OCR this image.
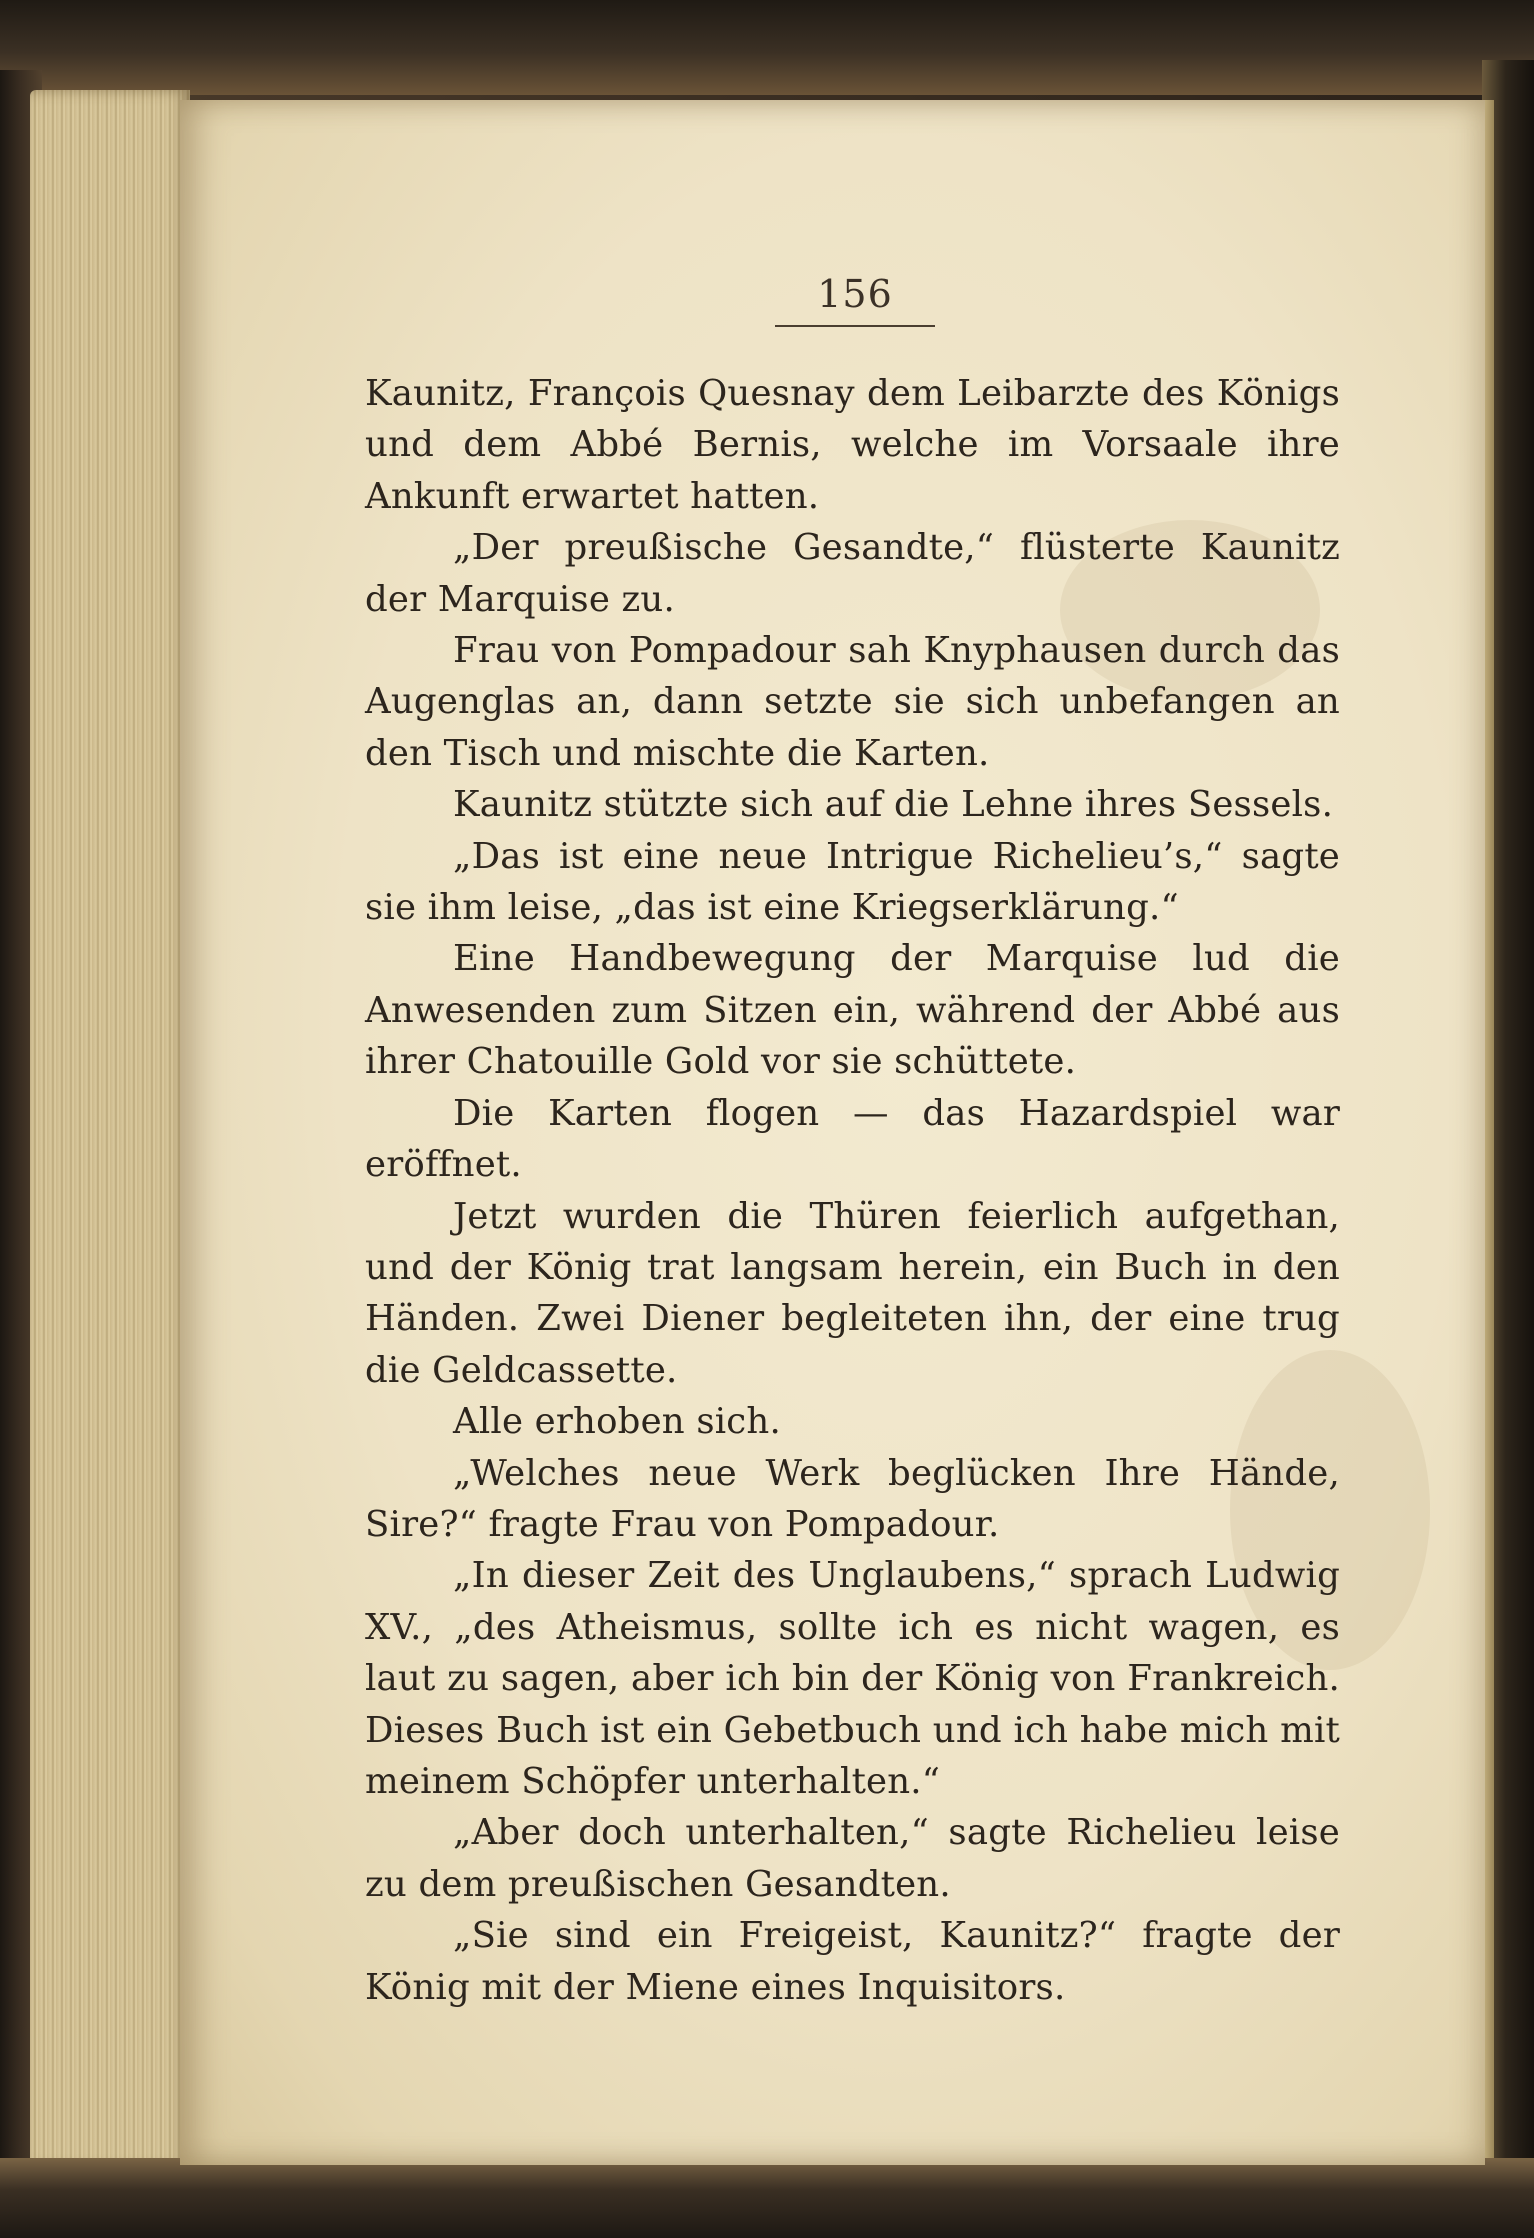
156

Kaunitz, François Quesnay dem Leibarzte des Königs und dem Abbé Bernis, welche im Vorsaale ihre Ankunft erwartet hatten.

„Der preußische Gesandte,“ flüsterte Kaunitz der Marquise zu.

Frau von Pompadour sah Knyphausen durch das Augenglas an, dann setzte sie sich unbefangen an den Tisch und mischte die Karten.

Kaunitz stützte sich auf die Lehne ihres Sessels.

„Das ist eine neue Intrigue Richelieu’s,“ sagte sie ihm leise, „das ist eine Kriegserklärung.“

Eine Handbewegung der Marquise lud die Anwesenden zum Sitzen ein, während der Abbé aus ihrer Chatouille Gold vor sie schüttete.

Die Karten flogen — das Hazardspiel war eröffnet.

Jetzt wurden die Thüren feierlich aufgethan, und der König trat langsam herein, ein Buch in den Händen. Zwei Diener begleiteten ihn, der eine trug die Geldcassette.

Alle erhoben sich.

„Welches neue Werk beglücken Ihre Hände, Sire?“ fragte Frau von Pompadour.

„In dieser Zeit des Unglaubens,“ sprach Ludwig XV., „des Atheismus, sollte ich es nicht wagen, es laut zu sagen, aber ich bin der König von Frankreich. Dieses Buch ist ein Gebetbuch und ich habe mich mit meinem Schöpfer unterhalten.“

„Aber doch unterhalten,“ sagte Richelieu leise zu dem preußischen Gesandten.

„Sie sind ein Freigeist, Kaunitz?“ fragte der König mit der Miene eines Inquisitors.
